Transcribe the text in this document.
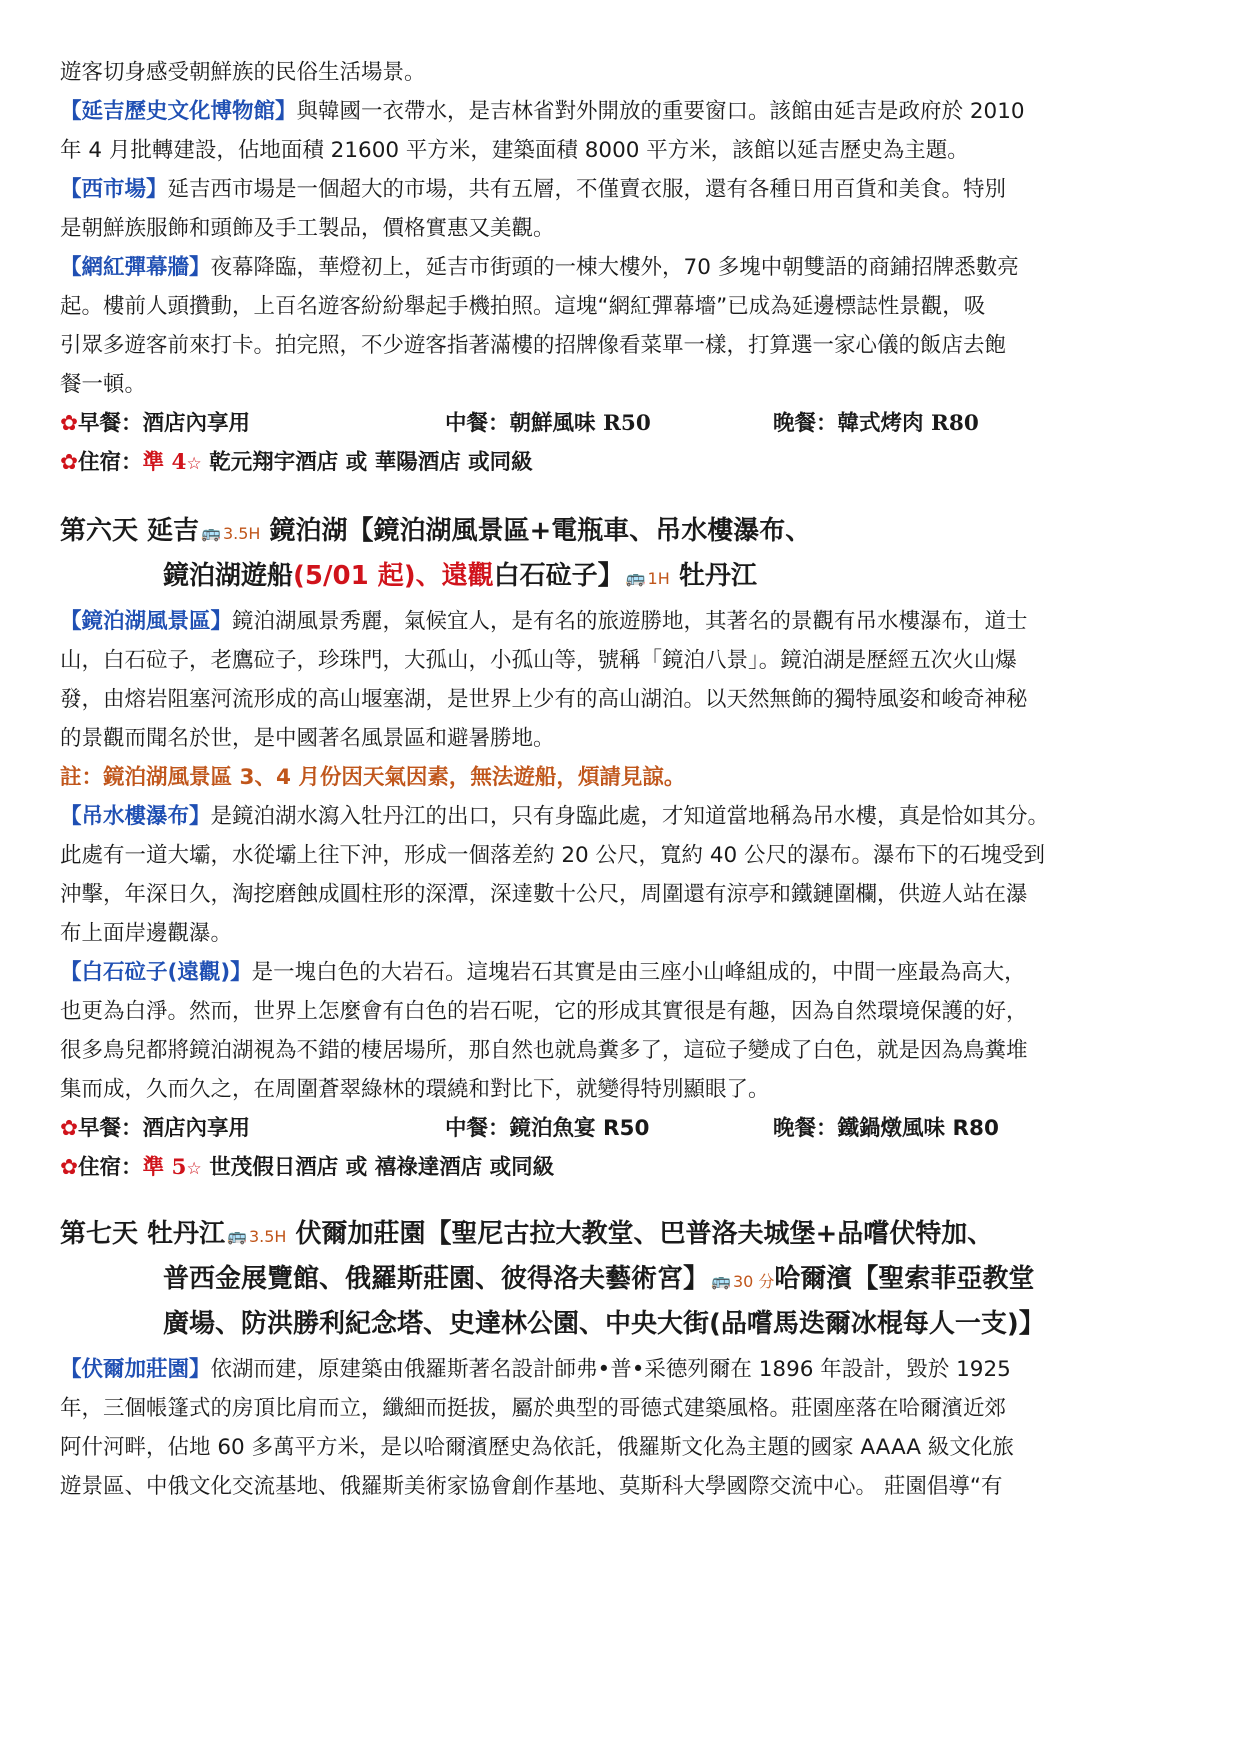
遊客切身感受朝鮮族的民俗生活場景。
【延吉歷史文化博物館】與韓國一衣帶水，是吉林省對外開放的重要窗口。該館由延吉是政府於 2010
年 4 月批轉建設，佔地面積 21600 平方米，建築面積 8000 平方米，該館以延吉歷史為主題。
【西市場】延吉西市場是一個超大的市場，共有五層，不僅賣衣服，還有各種日用百貨和美食。特別
是朝鮮族服飾和頭飾及手工製品，價格實惠又美觀。
【網紅彈幕牆】夜幕降臨，華燈初上，延吉市街頭的一棟大樓外，70 多塊中朝雙語的商鋪招牌悉數亮
起。樓前人頭攢動，上百名遊客紛紛舉起手機拍照。這塊“網紅彈幕墻”已成為延邊標誌性景觀，吸
引眾多遊客前來打卡。拍完照，不少遊客指著滿樓的招牌像看菜單一樣，打算選一家心儀的飯店去飽
餐一頓。
✿早餐：酒店內享用	中餐：朝鮮風味 R50	晚餐：韓式烤肉 R80
✿住宿：準 4☆ 乾元翔宇酒店 或 華陽酒店 或同級
第六天 延吉 🚌 3.5H 鏡泊湖【鏡泊湖風景區+電瓶車、吊水樓瀑布、
鏡泊湖遊船(5/01 起)、遠觀白石砬子】 🚌 1H 牡丹江
【鏡泊湖風景區】鏡泊湖風景秀麗，氣候宜人，是有名的旅遊勝地，其著名的景觀有吊水樓瀑布，道士
山，白石砬子，老鷹砬子，珍珠門，大孤山，小孤山等，號稱「鏡泊八景」。鏡泊湖是歷經五次火山爆
發，由熔岩阻塞河流形成的高山堰塞湖，是世界上少有的高山湖泊。以天然無飾的獨特風姿和峻奇神秘
的景觀而聞名於世，是中國著名風景區和避暑勝地。
註：鏡泊湖風景區 3、4 月份因天氣因素，無法遊船，煩請見諒。
【吊水樓瀑布】是鏡泊湖水瀉入牡丹江的出口，只有身臨此處，才知道當地稱為吊水樓，真是恰如其分。
此處有一道大壩，水從壩上往下沖，形成一個落差約 20 公尺，寬約 40 公尺的瀑布。瀑布下的石塊受到
沖擊，年深日久，淘挖磨蝕成圓柱形的深潭，深達數十公尺，周圍還有涼亭和鐵鏈圍欄，供遊人站在瀑
布上面岸邊觀瀑。
【白石砬子(遠觀)】是一塊白色的大岩石。這塊岩石其實是由三座小山峰組成的，中間一座最為高大，
也更為白淨。然而，世界上怎麼會有白色的岩石呢，它的形成其實很是有趣，因為自然環境保護的好，
很多鳥兒都將鏡泊湖視為不錯的棲居場所，那自然也就鳥糞多了，這砬子變成了白色，就是因為鳥糞堆
集而成，久而久之，在周圍蒼翠綠林的環繞和對比下，就變得特別顯眼了。
✿早餐：酒店內享用	中餐：鏡泊魚宴 R50	晚餐：鐵鍋燉風味 R80
✿住宿：準 5☆ 世茂假日酒店 或 禧祿達酒店 或同級
第七天 牡丹江 🚌 3.5H 伏爾加莊園【聖尼古拉大教堂、巴普洛夫城堡+品嚐伏特加、
普西金展覽館、俄羅斯莊園、彼得洛夫藝術宮】 🚌 30 分哈爾濱【聖索菲亞教堂
廣場、防洪勝利紀念塔、史達林公園、中央大街(品嚐馬迭爾冰棍每人一支)】
【伏爾加莊園】依湖而建，原建築由俄羅斯著名設計師弗•普•采德列爾在 1896 年設計，毀於 1925
年，三個帳篷式的房頂比肩而立，纖細而挺拔，屬於典型的哥德式建築風格。莊園座落在哈爾濱近郊
阿什河畔，佔地 60 多萬平方米，是以哈爾濱歷史為依託，俄羅斯文化為主題的國家 AAAA 級文化旅
遊景區、中俄文化交流基地、俄羅斯美術家協會創作基地、莫斯科大學國際交流中心。 莊園倡導“有
